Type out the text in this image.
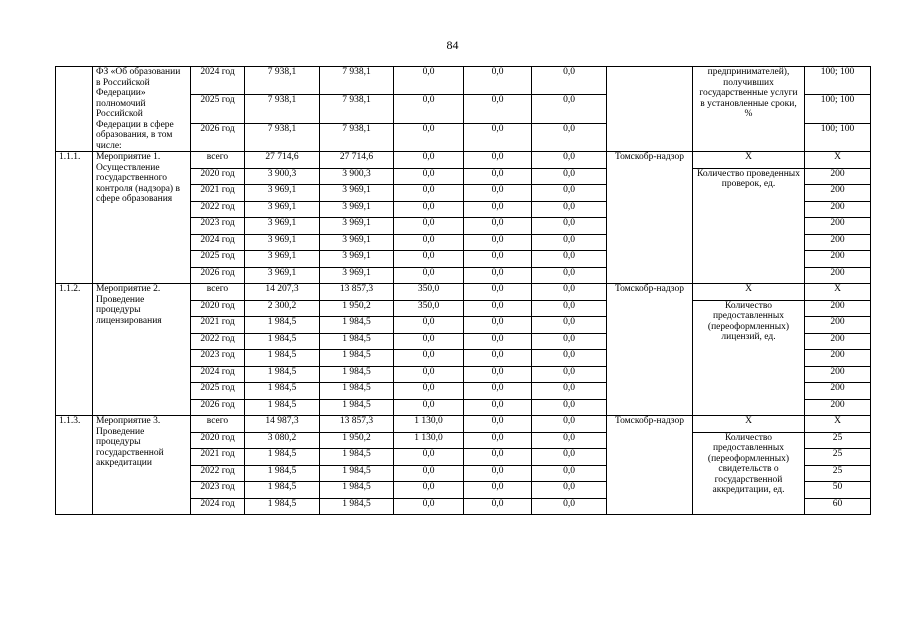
84
	ФЗ «Об образовании в Российской Федерации» полномочий Российской Федерации в сфере образования, в том числе:	2024 год	7 938,1	7 938,1	0,0	0,0	0,0		предпринимателей), получивших государственные услуги в установленные сроки, %	100; 100
		2025 год	7 938,1	7 938,1	0,0	0,0	0,0			100; 100
		2026 год	7 938,1	7 938,1	0,0	0,0	0,0			100; 100
1.1.1.	Мероприятие 1. Осуществление государственного контроля (надзора) в сфере образования	всего	27 714,6	27 714,6	0,0	0,0	0,0	Томскобр-надзор	X	X
		2020 год	3 900,3	3 900,3	0,0	0,0	0,0		Количество проведенных проверок, ед.	200
		2021 год	3 969,1	3 969,1	0,0	0,0	0,0			200
		2022 год	3 969,1	3 969,1	0,0	0,0	0,0			200
		2023 год	3 969,1	3 969,1	0,0	0,0	0,0			200
		2024 год	3 969,1	3 969,1	0,0	0,0	0,0			200
		2025 год	3 969,1	3 969,1	0,0	0,0	0,0			200
		2026 год	3 969,1	3 969,1	0,0	0,0	0,0			200
1.1.2.	Мероприятие 2. Проведение процедуры лицензирования	всего	14 207,3	13 857,3	350,0	0,0	0,0	Томскобр-надзор	X	X
		2020 год	2 300,2	1 950,2	350,0	0,0	0,0		Количество предоставленных (переоформленных) лицензий, ед.	200
		2021 год	1 984,5	1 984,5	0,0	0,0	0,0			200
		2022 год	1 984,5	1 984,5	0,0	0,0	0,0			200
		2023 год	1 984,5	1 984,5	0,0	0,0	0,0			200
		2024 год	1 984,5	1 984,5	0,0	0,0	0,0			200
		2025 год	1 984,5	1 984,5	0,0	0,0	0,0			200
		2026 год	1 984,5	1 984,5	0,0	0,0	0,0			200
1.1.3.	Мероприятие 3. Проведение процедуры государственной аккредитации	всего	14 987,3	13 857,3	1 130,0	0,0	0,0	Томскобр-надзор	X	X
		2020 год	3 080,2	1 950,2	1 130,0	0,0	0,0		Количество предоставленных (переоформленных) свидетельств о государственной аккредитации, ед.	25
		2021 год	1 984,5	1 984,5	0,0	0,0	0,0			25
		2022 год	1 984,5	1 984,5	0,0	0,0	0,0			25
		2023 год	1 984,5	1 984,5	0,0	0,0	0,0			50
		2024 год	1 984,5	1 984,5	0,0	0,0	0,0			60
